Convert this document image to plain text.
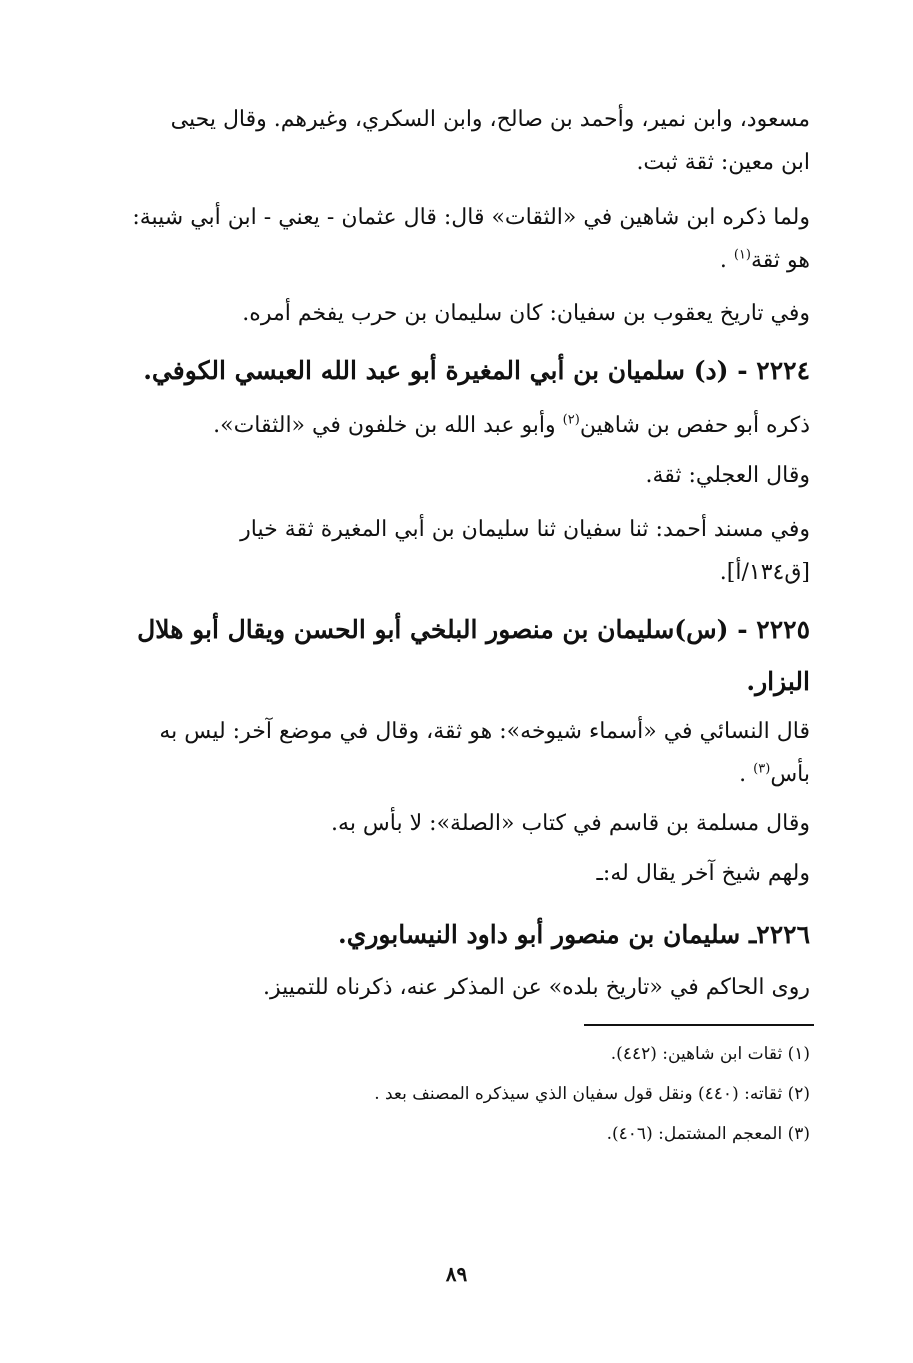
مسعود، وابن نمير، وأحمد بن صالح، وابن السكري، وغيرهم. وقال يحيى
ابن معين: ثقة ثبت.
ولما ذكره ابن شاهين في «الثقات» قال: قال عثمان - يعني - ابن أبي شيبة:
هو ثقة$^{(١)}$ .
وفي تاريخ يعقوب بن سفيان: كان سليمان بن حرب يفخم أمره.
٢٢٢٤ - (د) سلميان بن أبي المغيرة أبو عبد الله العبسي الكوفي.
ذكره أبو حفص بن شاهين$^{(٢)}$ وأبو عبد الله بن خلفون في «الثقات».
وقال العجلي: ثقة.
وفي مسند أحمد: ثنا سفيان ثنا سليمان بن أبي المغيرة ثقة خيار
[ق١٣٤/أ].
٢٢٢٥ - (س)سليمان بن منصور البلخي أبو الحسن ويقال أبو هلال
البزار.
قال النسائي في «أسماء شيوخه»: هو ثقة، وقال في موضع آخر: ليس به
بأس$^{(٣)}$ .
وقال مسلمة بن قاسم في كتاب «الصلة»: لا بأس به.
ولهم شيخ آخر يقال له:ـ
٢٢٢٦ـ سليمان بن منصور أبو داود النيسابوري.
روى الحاكم في «تاريخ بلده» عن المذكر عنه، ذكرناه للتمييز.
(١) ثقات ابن شاهين: (٤٤٢).
(٢) ثقاته: (٤٤٠) ونقل قول سفيان الذي سيذكره المصنف بعد .
(٣) المعجم المشتمل: (٤٠٦).
٨٩
